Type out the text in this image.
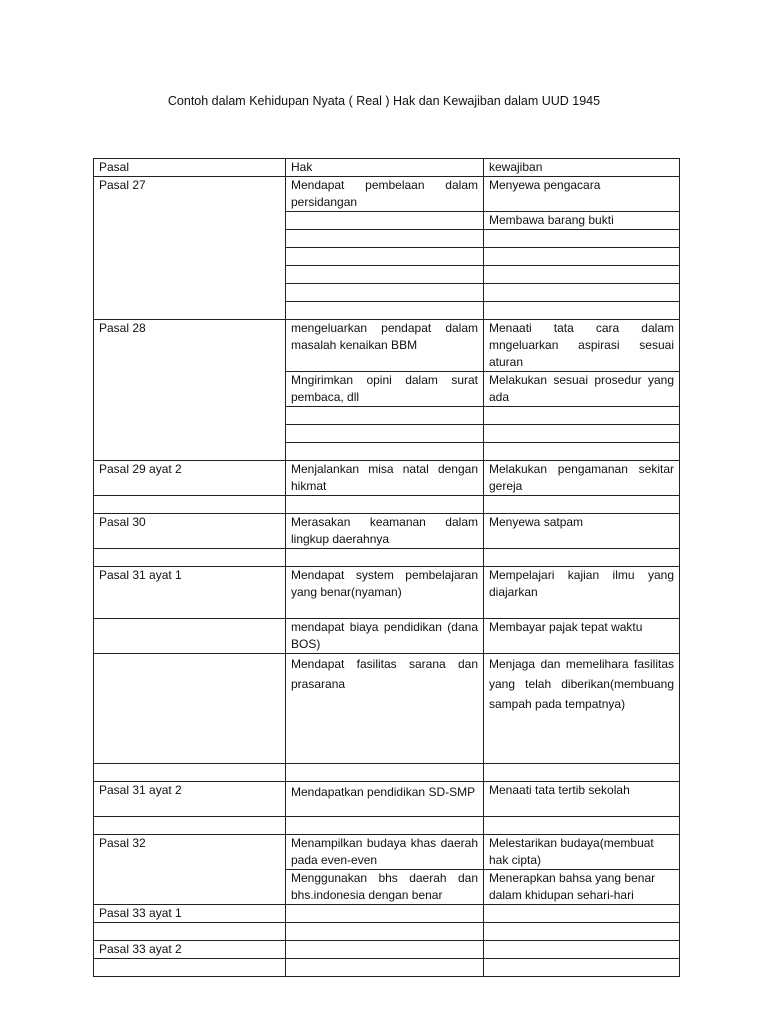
Contoh dalam Kehidupan Nyata ( Real ) Hak dan Kewajiban dalam UUD 1945
Pasal	Hak	kewajiban
Pasal 27	Mendapat pembelaan dalam persidangan	Menyewa pengacara
		Membawa barang bukti

Pasal 28	mengeluarkan pendapat dalam masalah kenaikan BBM	Menaati tata cara dalam mngeluarkan aspirasi sesuai aturan
	Mngirimkan opini dalam surat pembaca, dll	Melakukan sesuai prosedur yang ada

Pasal 29 ayat 2	Menjalankan misa natal dengan hikmat	Melakukan pengamanan sekitar gereja

Pasal 30	Merasakan keamanan dalam lingkup daerahnya	Menyewa satpam

Pasal 31 ayat 1	Mendapat system pembelajaran yang benar(nyaman)	Mempelajari kajian ilmu yang diajarkan
	mendapat biaya pendidikan (dana BOS)	Membayar pajak tepat waktu
	Mendapat fasilitas sarana dan prasarana	Menjaga dan memelihara fasilitas yang telah diberikan(membuang sampah pada tempatnya)

Pasal 31 ayat 2	Mendapatkan pendidikan SD-SMP	Menaati tata tertib sekolah

Pasal 32	Menampilkan budaya khas daerah pada even-even	Melestarikan budaya(membuat hak cipta)
	Menggunakan bhs daerah dan bhs.indonesia dengan benar	Menerapkan bahsa yang benar dalam khidupan sehari-hari
Pasal 33 ayat 1		

Pasal 33 ayat 2		
